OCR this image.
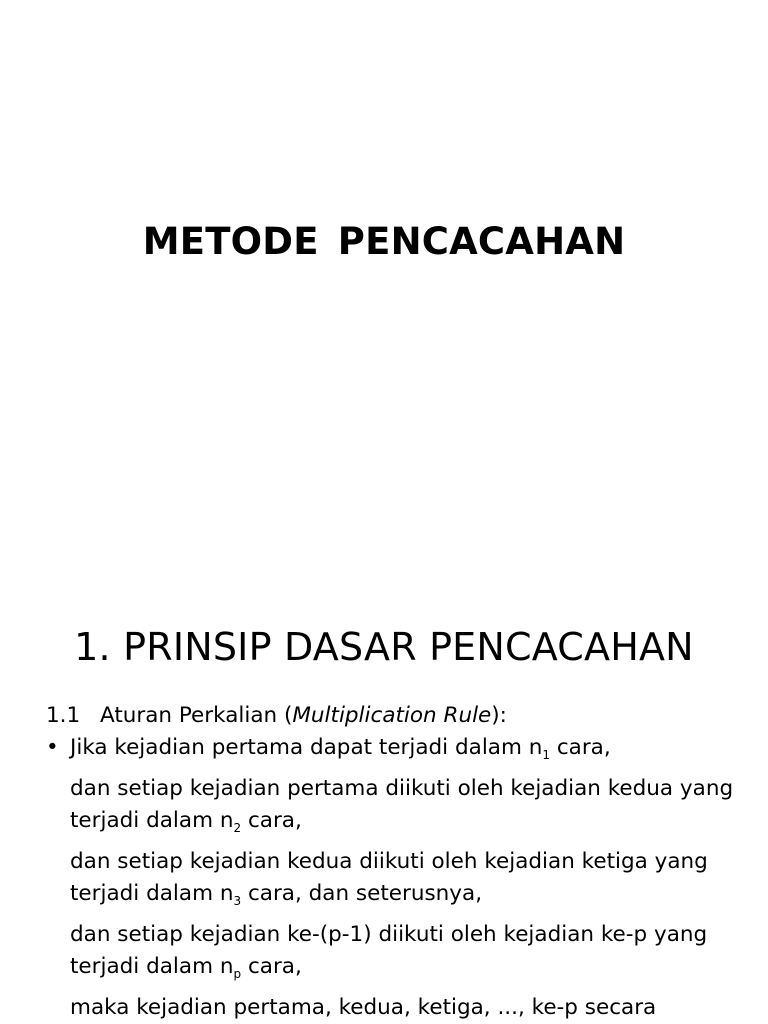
METODE PENCACAHAN
1. PRINSIP DASAR PENCACAHAN
1.1 Aturan Perkalian (Multiplication Rule):
• Jika kejadian pertama dapat terjadi dalam $n_1$ cara,
dan setiap kejadian pertama diikuti oleh kejadian kedua yang terjadi dalam $n_2$ cara,
dan setiap kejadian kedua diikuti oleh kejadian ketiga yang terjadi dalam $n_3$ cara, dan seterusnya,
dan setiap kejadian ke-(p-1) diikuti oleh kejadian ke-p yang terjadi dalam $n_p$ cara,
maka kejadian pertama, kedua, ketiga, ..., ke-p secara
